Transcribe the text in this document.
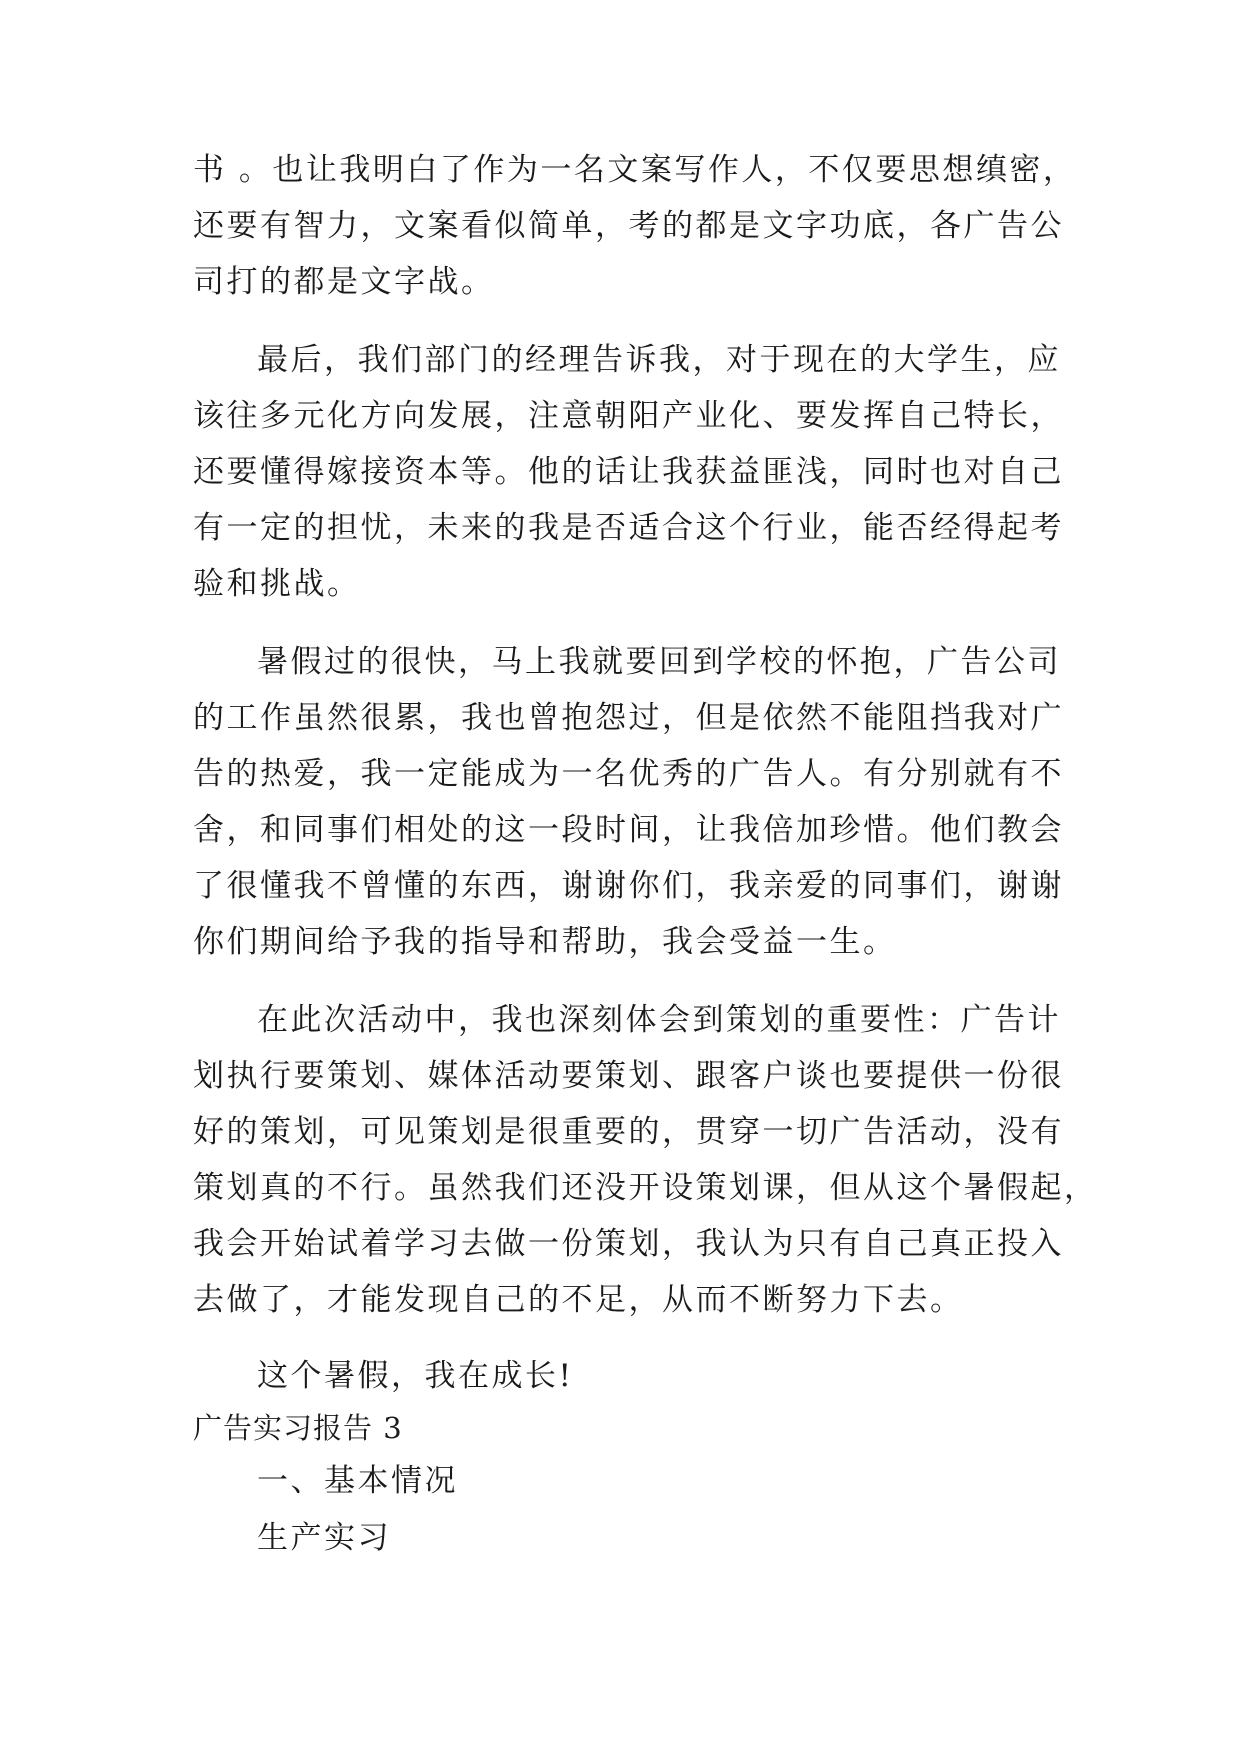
书 。也让我明白了作为一名文案写作人，不仅要思想缜密，
还要有智力，文案看似简单，考的都是文字功底，各广告公
司打的都是文字战。
最后，我们部门的经理告诉我，对于现在的大学生，应
该往多元化方向发展，注意朝阳产业化、要发挥自己特长，
还要懂得嫁接资本等。他的话让我获益匪浅，同时也对自己
有一定的担忧，未来的我是否适合这个行业，能否经得起考
验和挑战。
暑假过的很快，马上我就要回到学校的怀抱，广告公司
的工作虽然很累，我也曾抱怨过，但是依然不能阻挡我对广
告的热爱，我一定能成为一名优秀的广告人。有分别就有不
舍，和同事们相处的这一段时间，让我倍加珍惜。他们教会
了很懂我不曾懂的东西，谢谢你们，我亲爱的同事们，谢谢
你们期间给予我的指导和帮助，我会受益一生。
在此次活动中，我也深刻体会到策划的重要性：广告计
划执行要策划、媒体活动要策划、跟客户谈也要提供一份很
好的策划，可见策划是很重要的，贯穿一切广告活动，没有
策划真的不行。虽然我们还没开设策划课，但从这个暑假起，
我会开始试着学习去做一份策划，我认为只有自己真正投入
去做了，才能发现自己的不足，从而不断努力下去。
这个暑假，我在成长!
广告实习报告 3
一、基本情况
生产实习
